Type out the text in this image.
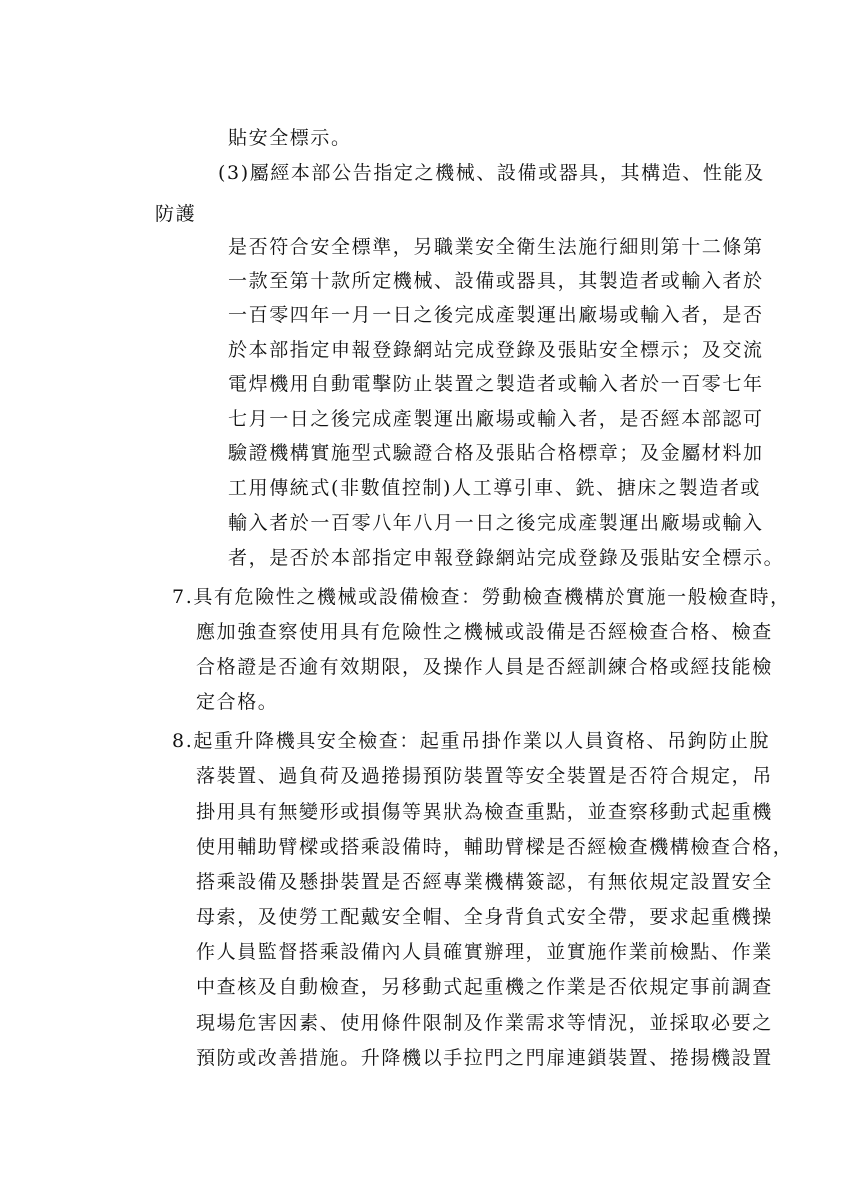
貼安全標示。
(3)屬經本部公告指定之機械、設備或器具，其構造、性能及
防護
是否符合安全標準，另職業安全衛生法施行細則第十二條第
一款至第十款所定機械、設備或器具，其製造者或輸入者於
一百零四年一月一日之後完成產製運出廠場或輸入者，是否
於本部指定申報登錄網站完成登錄及張貼安全標示；及交流
電焊機用自動電擊防止裝置之製造者或輸入者於一百零七年
七月一日之後完成產製運出廠場或輸入者，是否經本部認可
驗證機構實施型式驗證合格及張貼合格標章；及金屬材料加
工用傳統式(非數值控制)人工導引車、銑、搪床之製造者或
輸入者於一百零八年八月一日之後完成產製運出廠場或輸入
者，是否於本部指定申報登錄網站完成登錄及張貼安全標示。
7.具有危險性之機械或設備檢查：勞動檢查機構於實施一般檢查時，
應加強查察使用具有危險性之機械或設備是否經檢查合格、檢查
合格證是否逾有效期限，及操作人員是否經訓練合格或經技能檢
定合格。
8.起重升降機具安全檢查：起重吊掛作業以人員資格、吊鉤防止脫
落裝置、過負荷及過捲揚預防裝置等安全裝置是否符合規定，吊
掛用具有無變形或損傷等異狀為檢查重點，並查察移動式起重機
使用輔助臂樑或搭乘設備時，輔助臂樑是否經檢查機構檢查合格，
搭乘設備及懸掛裝置是否經專業機構簽認，有無依規定設置安全
母索，及使勞工配戴安全帽、全身背負式安全帶，要求起重機操
作人員監督搭乘設備內人員確實辦理，並實施作業前檢點、作業
中查核及自動檢查，另移動式起重機之作業是否依規定事前調查
現場危害因素、使用條件限制及作業需求等情況，並採取必要之
預防或改善措施。升降機以手拉門之門扉連鎖裝置、捲揚機設置
